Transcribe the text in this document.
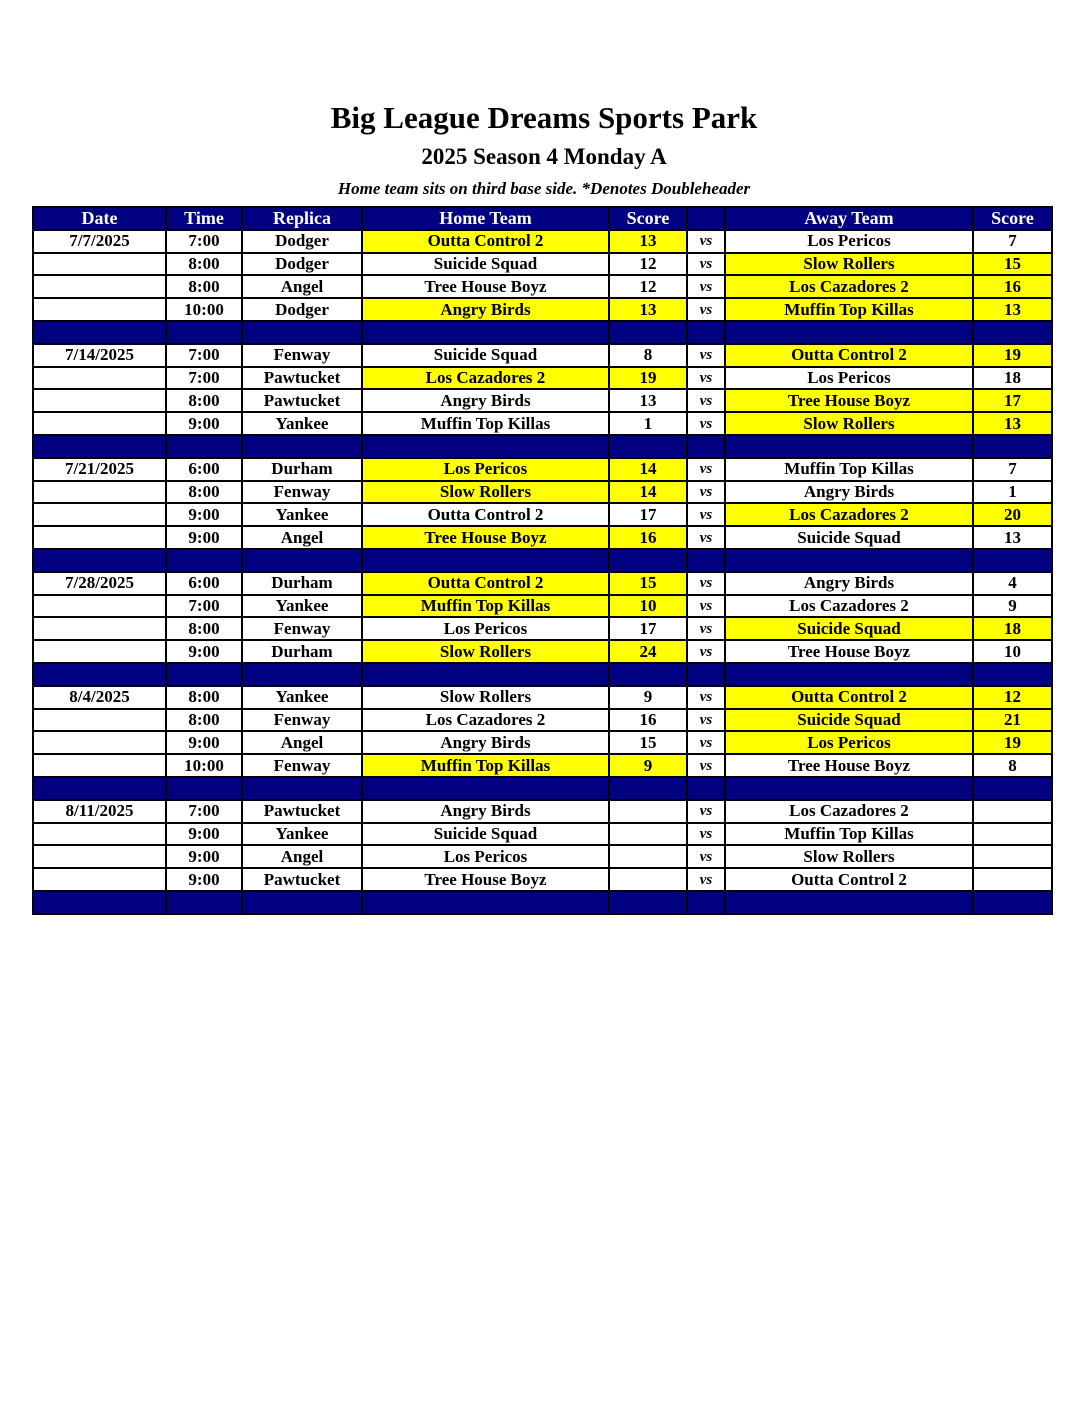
Big League Dreams Sports Park
2025 Season 4 Monday A
Home team sits on third base side. *Denotes Doubleheader
Date	Time	Replica	Home Team	Score		Away Team	Score
7/7/2025	7:00	Dodger	Outta Control 2	13	vs	Los Pericos	7
	8:00	Dodger	Suicide Squad	12	vs	Slow Rollers	15
	8:00	Angel	Tree House Boyz	12	vs	Los Cazadores 2	16
	10:00	Dodger	Angry Birds	13	vs	Muffin Top Killas	13

7/14/2025	7:00	Fenway	Suicide Squad	8	vs	Outta Control 2	19
	7:00	Pawtucket	Los Cazadores 2	19	vs	Los Pericos	18
	8:00	Pawtucket	Angry Birds	13	vs	Tree House Boyz	17
	9:00	Yankee	Muffin Top Killas	1	vs	Slow Rollers	13

7/21/2025	6:00	Durham	Los Pericos	14	vs	Muffin Top Killas	7
	8:00	Fenway	Slow Rollers	14	vs	Angry Birds	1
	9:00	Yankee	Outta Control 2	17	vs	Los Cazadores 2	20
	9:00	Angel	Tree House Boyz	16	vs	Suicide Squad	13

7/28/2025	6:00	Durham	Outta Control 2	15	vs	Angry Birds	4
	7:00	Yankee	Muffin Top Killas	10	vs	Los Cazadores 2	9
	8:00	Fenway	Los Pericos	17	vs	Suicide Squad	18
	9:00	Durham	Slow Rollers	24	vs	Tree House Boyz	10

8/4/2025	8:00	Yankee	Slow Rollers	9	vs	Outta Control 2	12
	8:00	Fenway	Los Cazadores 2	16	vs	Suicide Squad	21
	9:00	Angel	Angry Birds	15	vs	Los Pericos	19
	10:00	Fenway	Muffin Top Killas	9	vs	Tree House Boyz	8

8/11/2025	7:00	Pawtucket	Angry Birds		vs	Los Cazadores 2	
	9:00	Yankee	Suicide Squad		vs	Muffin Top Killas	
	9:00	Angel	Los Pericos		vs	Slow Rollers	
	9:00	Pawtucket	Tree House Boyz		vs	Outta Control 2	
